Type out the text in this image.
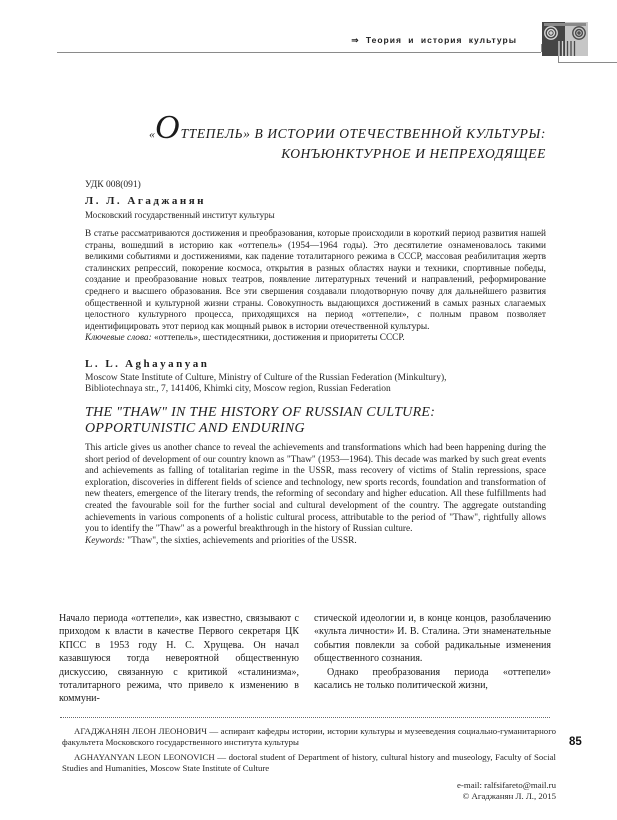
⇒ Теория и история культуры
« О ТТЕПЕЛЬ» В ИСТОРИИ ОТЕЧЕСТВЕННОЙ КУЛЬТУРЫ:
КОНЪЮНКТУРНОЕ И НЕПРЕХОДЯЩЕЕ

УДК 008(091)

Л. Л. Агаджанян

Московский государственный институт культуры

В статье рассматриваются достижения и преобразования, которые происходили в короткий период развития нашей страны, вошедший в историю как «оттепель» (1954—1964 годы). Это десятилетие ознаменовалось такими великими событиями и достижениями, как падение тоталитарного режима в СССР, массовая реабилитация жертв сталинских репрессий, покорение космоса, открытия в разных областях науки и техники, спортивные победы, создание и преобразование новых театров, появление литературных течений и направлений, реформирование среднего и высшего образования. Все эти свершения создавали плодотворную почву для дальнейшего развития общественной и культурной жизни страны. Совокупность выдающихся достижений в самых разных слагаемых целостного культурного процесса, приходящихся на период «оттепели», с полным правом позволяет идентифицировать этот период как мощный рывок в истории отечественной культуры.

Ключевые слова: «оттепель», шестидесятники, достижения и приоритеты СССР.

L. L. Aghayanyan

Moscow State Institute of Culture, Ministry of Culture of the Russian Federation (Minkultury),

Bibliotechnaya str., 7, 141406, Khimki city, Moscow region, Russian Federation

THE "THAW" IN THE HISTORY OF RUSSIAN CULTURE:
OPPORTUNISTIC AND ENDURING

This article gives us another chance to reveal the achievements and transformations which had been happening during the short period of development of our country known as "Thaw" (1953—1964). This decade was marked by such great events and achievements as falling of totalitarian regime in the USSR, mass recovery of victims of Stalin repressions, space exploration, discoveries in different fields of science and technology, new sports records, foundation and transformation of new theaters, emergence of the literary trends, the reforming of secondary and higher education. All these fulfillments had created the favourable soil for the further social and cultural development of the country. The aggregate outstanding achievements in various components of a holistic cultural process, attributable to the period of "Thaw", rightfully allows you to identify the "Thaw" as a powerful breakthrough in the history of Russian culture.

Keywords: "Thaw", the sixties, achievements and priorities of the USSR.

Начало периода «оттепели», как известно, связывают с приходом к власти в качестве Первого секретаря ЦК КПСС в 1953 году Н. С. Хрущева. Он начал казавшуюся тогда невероятной общественную дискуссию, связанную с критикой «сталинизма», тоталитарного режима, что привело к изменению в коммуни-

стической идеологии и, в конце концов, разоблачению «культа личности» И. В. Сталина. Эти знаменательные события повлекли за собой радикальные изменения общественного сознания.

Однако преобразования периода «оттепели» касались не только политической жизни,

АГАДЖАНЯН ЛЕОН ЛЕОНОВИЧ — аспирант кафедры истории, истории культуры и музееведения социально-гуманитарного факультета Московского государственного института культуры

AGHAYANYAN LEON LEONOVICH — doctoral student of Department of history, cultural history and museology, Faculty of Social Studies and Humanities, Moscow State Institute of Culture

e-mail: ralfsifareto@mail.ru
© Агаджанян Л. Л., 2015
85
